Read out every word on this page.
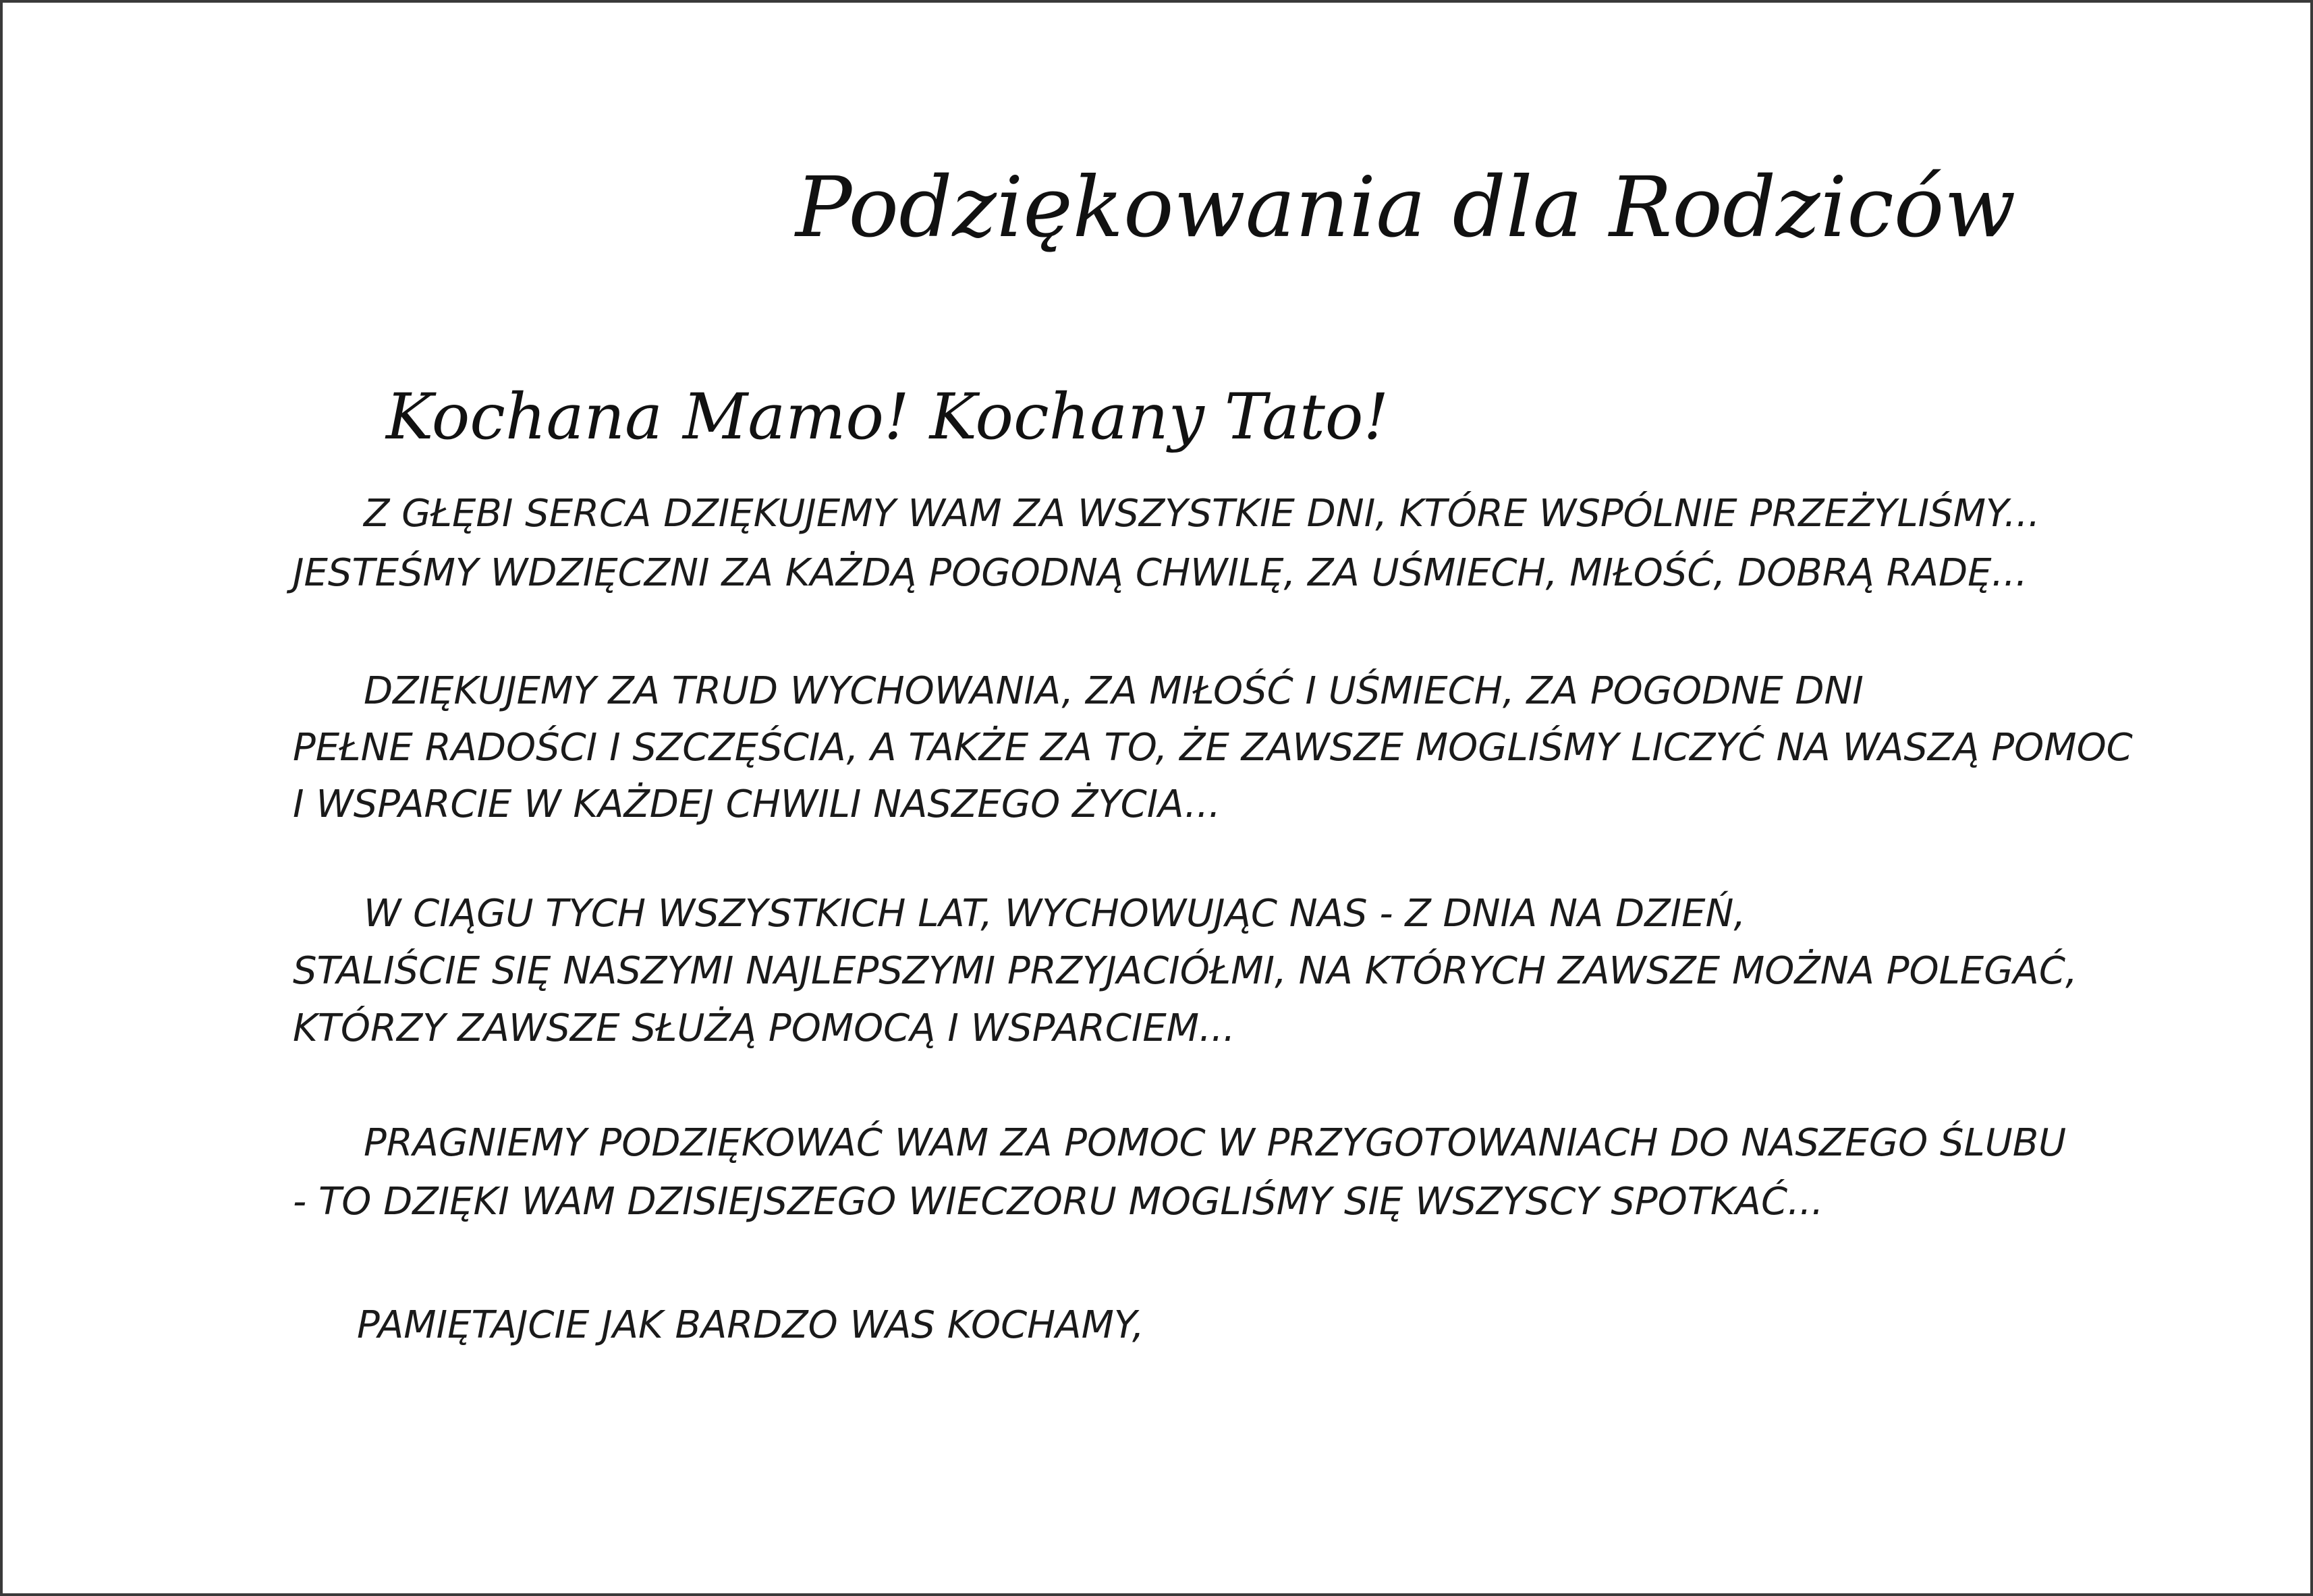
Podziękowania dla Rodziców
Kochana Mamo! Kochany Tato!
Z GŁĘBI SERCA DZIĘKUJEMY WAM ZA WSZYSTKIE DNI, KTÓRE WSPÓLNIE PRZEŻYLIŚMY...
JESTEŚMY WDZIĘCZNI ZA KAŻDĄ POGODNĄ CHWILĘ, ZA UŚMIECH, MIŁOŚĆ, DOBRĄ RADĘ...
DZIĘKUJEMY ZA TRUD WYCHOWANIA, ZA MIŁOŚĆ I UŚMIECH, ZA POGODNE DNI
PEŁNE RADOŚCI I SZCZĘŚCIA, A TAKŻE ZA TO, ŻE ZAWSZE MOGLIŚMY LICZYĆ NA WASZĄ POMOC
I WSPARCIE W KAŻDEJ CHWILI NASZEGO ŻYCIA...
W CIĄGU TYCH WSZYSTKICH LAT, WYCHOWUJĄC NAS - Z DNIA NA DZIEŃ,
STALIŚCIE SIĘ NASZYMI NAJLEPSZYMI PRZYJACIÓŁMI, NA KTÓRYCH ZAWSZE MOŻNA POLEGAĆ,
KTÓRZY ZAWSZE SŁUŻĄ POMOCĄ I WSPARCIEM...
PRAGNIEMY PODZIĘKOWAĆ WAM ZA POMOC W PRZYGOTOWANIACH DO NASZEGO ŚLUBU
- TO DZIĘKI WAM DZISIEJSZEGO WIECZORU MOGLIŚMY SIĘ WSZYSCY SPOTKAĆ...
PAMIĘTAJCIE JAK BARDZO WAS KOCHAMY,
